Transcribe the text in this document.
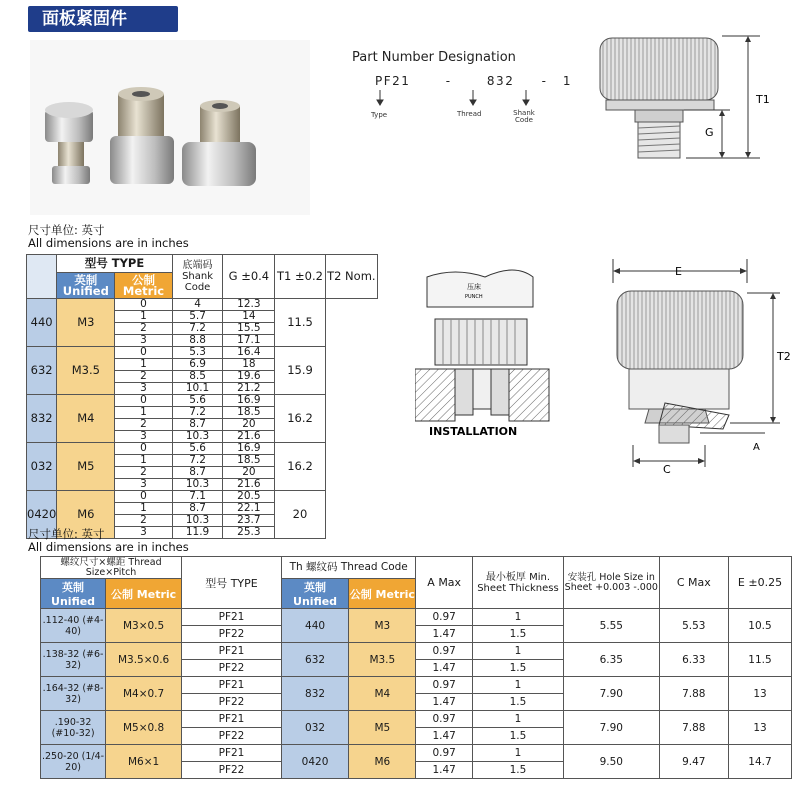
面板紧固件
Part Number Designation
PF21	-	832 - 1
Type	Thread	Shank Code
T1
G
尺寸单位: 英寸
All dimensions are in inches
	型号 TYPE		底端码 Shank Code	G ±0.4	T1 ±0.2	T2 Nom.
	英制 Unified	公制 Metric				
440	M3	0	4	12.3	11.5	
		1	5.7	14		
		2	7.2	15.5		
		3	8.8	17.1		
632	M3.5	0	5.3	16.4	15.9	
		1	6.9	18		
		2	8.5	19.6		
		3	10.1	21.2		
832	M4	0	5.6	16.9	16.2	
		1	7.2	18.5		
		2	8.7	20		
		3	10.3	21.6		
032	M5	0	5.6	16.9	16.2	
		1	7.2	18.5		
		2	8.7	20		
		3	10.3	21.6		
0420	M6	0	7.1	20.5	20	
		1	8.7	22.1		
		2	10.3	23.7		
		3	11.9	25.3		
压床
PUNCH
INSTALLATION
E
T2
A
C
尺寸单位: 英寸
All dimensions are in inches
螺纹尺寸×螺距 Thread Size×Pitch		型号 TYPE	Th 螺纹码 Thread Code		A Max	最小板厚 Min. Sheet Thickness	安装孔 Hole Size in Sheet +0.003 -.000	C Max	E ±0.25
英制 Unified	公制 Metric		英制 Unified	公制 Metric					
.112-40 (#4-40)	M3×0.5	PF21	440	M3	0.97	1	5.55	5.53	10.5
		PF22			1.47	1.5			
.138-32 (#6-32)	M3.5×0.6	PF21	632	M3.5	0.97	1	6.35	6.33	11.5
		PF22			1.47	1.5			
.164-32 (#8-32)	M4×0.7	PF21	832	M4	0.97	1	7.90	7.88	13
		PF22			1.47	1.5			
.190-32 (#10-32)	M5×0.8	PF21	032	M5	0.97	1	7.90	7.88	13
		PF22			1.47	1.5			
.250-20 (1/4-20)	M6×1	PF21	0420	M6	0.97	1	9.50	9.47	14.7
		PF22			1.47	1.5			
